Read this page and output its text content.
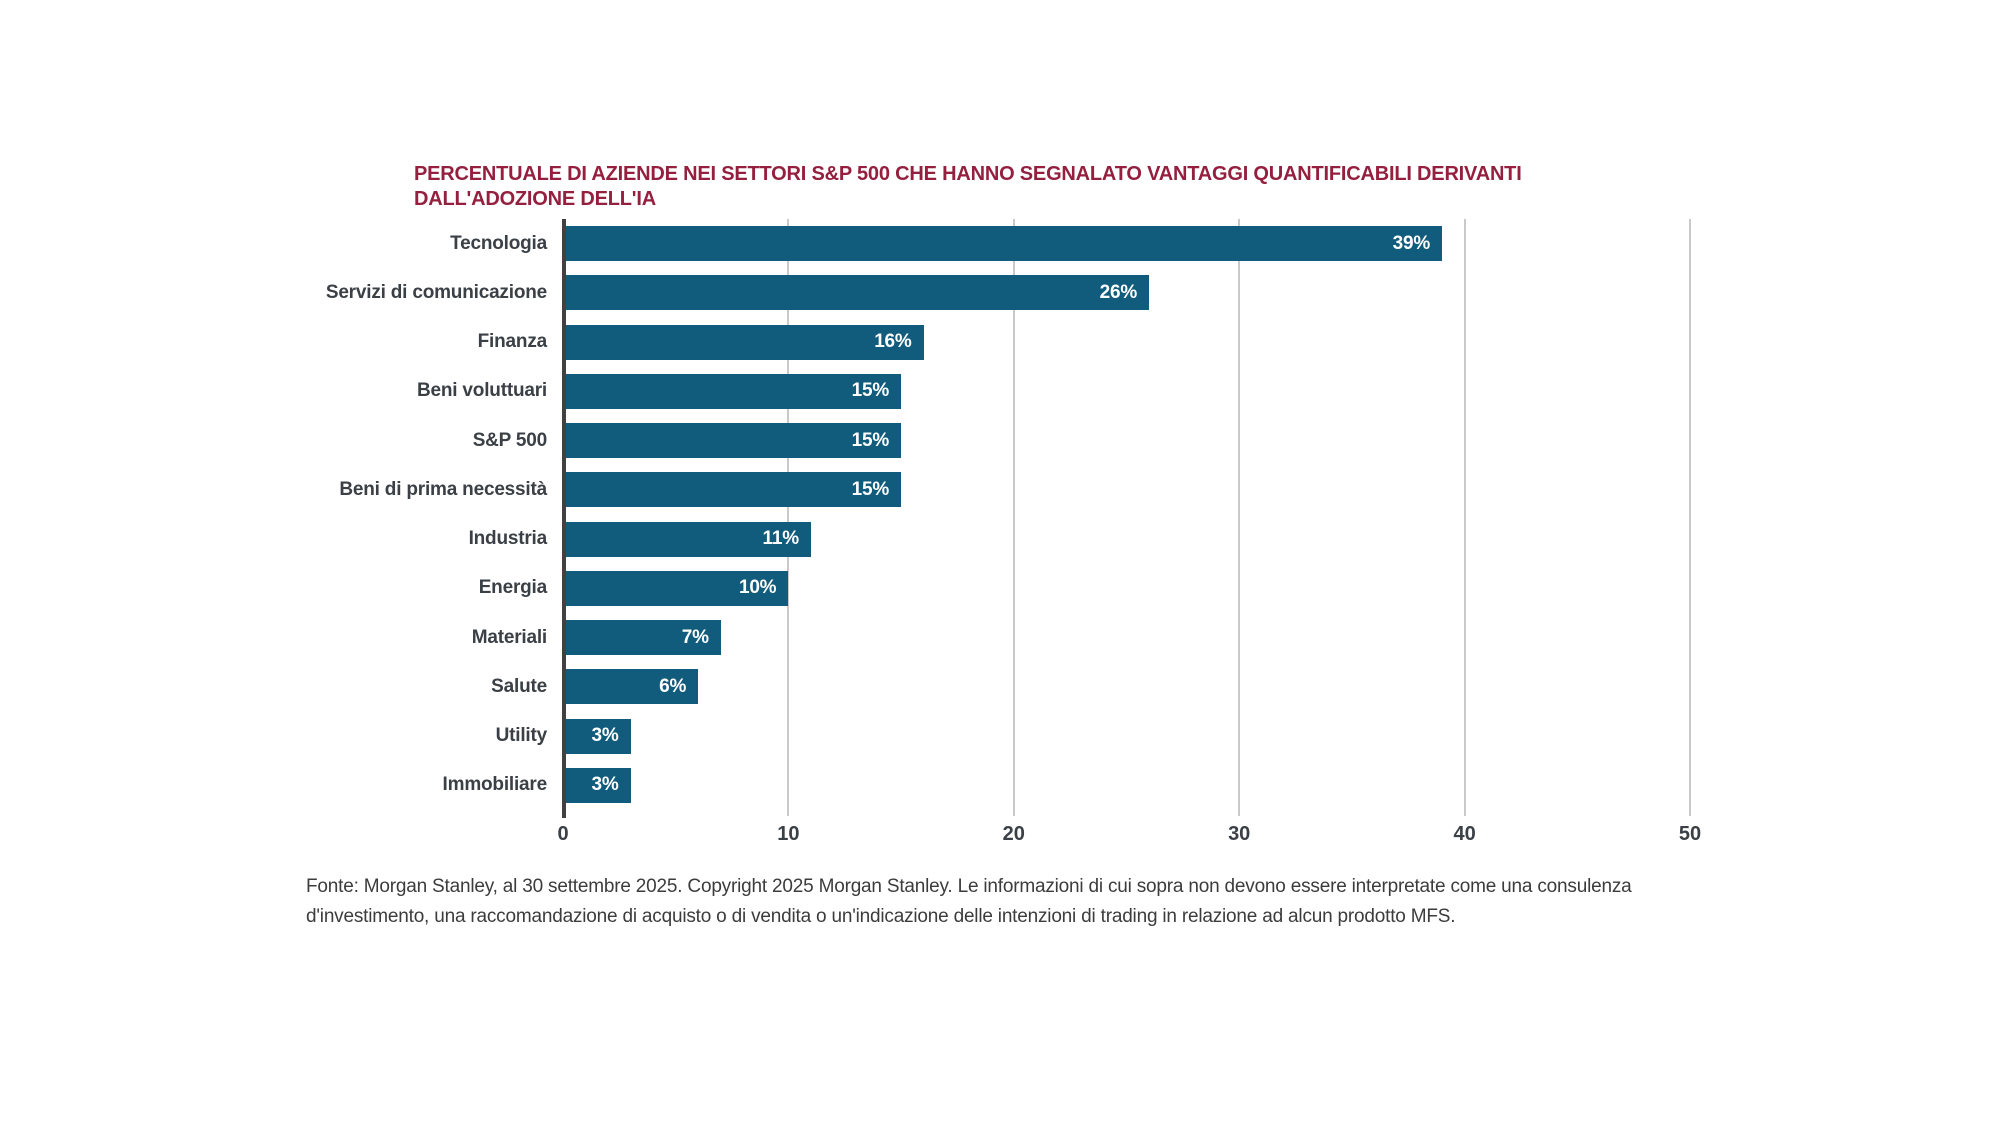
PERCENTUALE DI AZIENDE NEI SETTORI S&P 500 CHE HANNO SEGNALATO VANTAGGI QUANTIFICABILI DERIVANTI
DALL'ADOZIONE DELL'IA
Tecnologia	39%
Servizi di comunicazione	26%
Finanza	16%
Beni voluttuari	15%
S&P 500	15%
Beni di prima necessità	15%
Industria	11%
Energia	10%
Materiali	7%
Salute	6%
Utility	3%
Immobiliare	3%
0	10	20	30	40	50
Fonte: Morgan Stanley, al 30 settembre 2025. Copyright 2025 Morgan Stanley. Le informazioni di cui sopra non devono essere interpretate come una consulenza
d'investimento, una raccomandazione di acquisto o di vendita o un'indicazione delle intenzioni di trading in relazione ad alcun prodotto MFS.
